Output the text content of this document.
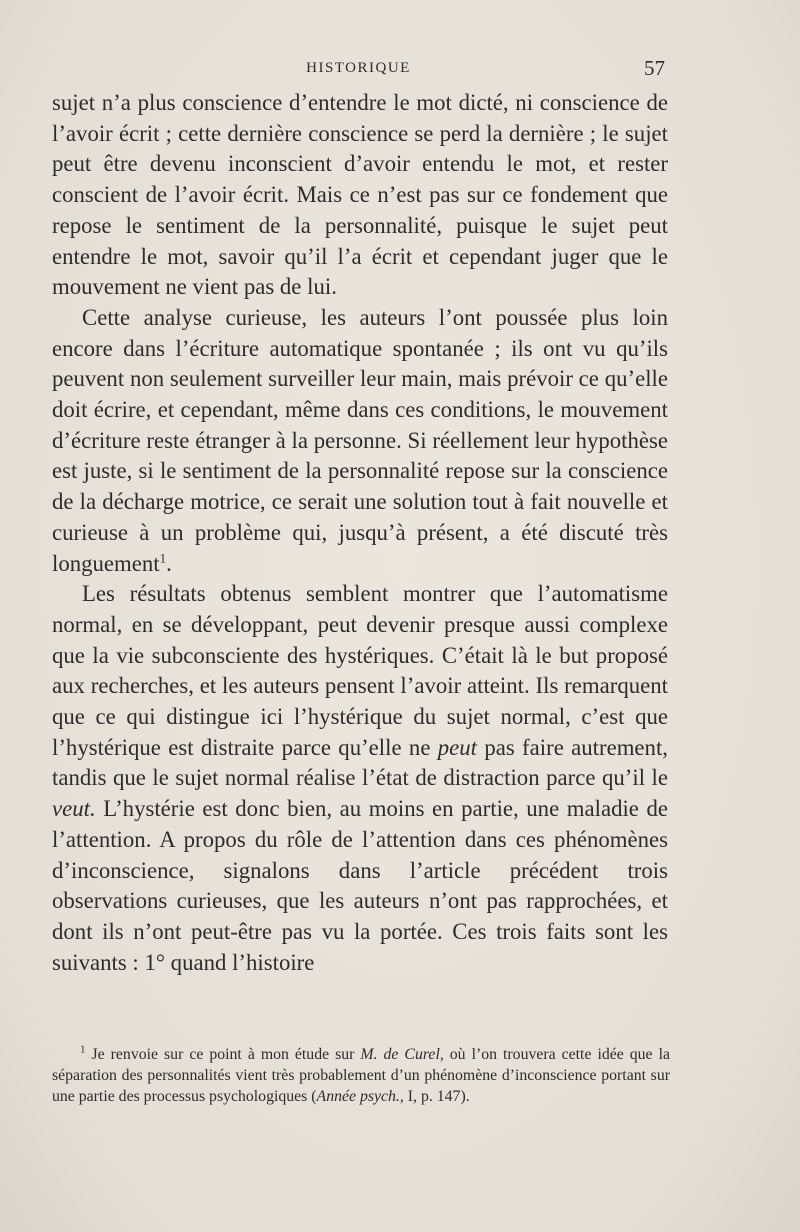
HISTORIQUE	57

sujet n’a plus conscience d’entendre le mot dicté, ni conscience de l’avoir écrit ; cette dernière conscience se perd la dernière ; le sujet peut être devenu inconscient d’avoir entendu le mot, et rester conscient de l’avoir écrit. Mais ce n’est pas sur ce fondement que repose le sentiment de la personnalité, puisque le sujet peut entendre le mot, savoir qu’il l’a écrit et cependant juger que le mouvement ne vient pas de lui.

Cette analyse curieuse, les auteurs l’ont poussée plus loin encore dans l’écriture automatique spontanée ; ils ont vu qu’ils peuvent non seulement surveiller leur main, mais prévoir ce qu’elle doit écrire, et cependant, même dans ces conditions, le mouvement d’écriture reste étranger à la personne. Si réellement leur hypothèse est juste, si le sentiment de la personnalité repose sur la conscience de la décharge motrice, ce serait une solution tout à fait nouvelle et curieuse à un problème qui, jusqu’à présent, a été discuté très longuement$^1$.

Les résultats obtenus semblent montrer que l’automatisme normal, en se développant, peut devenir presque aussi complexe que la vie subconsciente des hystériques. C’était là le but proposé aux recherches, et les auteurs pensent l’avoir atteint. Ils remarquent que ce qui distingue ici l’hystérique du sujet normal, c’est que l’hystérique est distraite parce qu’elle ne peut pas faire autrement, tandis que le sujet normal réalise l’état de distraction parce qu’il le veut. L’hystérie est donc bien, au moins en partie, une maladie de l’attention. A propos du rôle de l’attention dans ces phénomènes d’inconscience, signalons dans l’article précédent trois observations curieuses, que les auteurs n’ont pas rapprochées, et dont ils n’ont peut-être pas vu la portée. Ces trois faits sont les suivants : 1° quand l’histoire

$^1$ Je renvoie sur ce point à mon étude sur M. de Curel, où l’on trouvera cette idée que la séparation des personnalités vient très probablement d’un phénomène d’inconscience portant sur une partie des processus psychologiques (Année psych., I, p. 147).
